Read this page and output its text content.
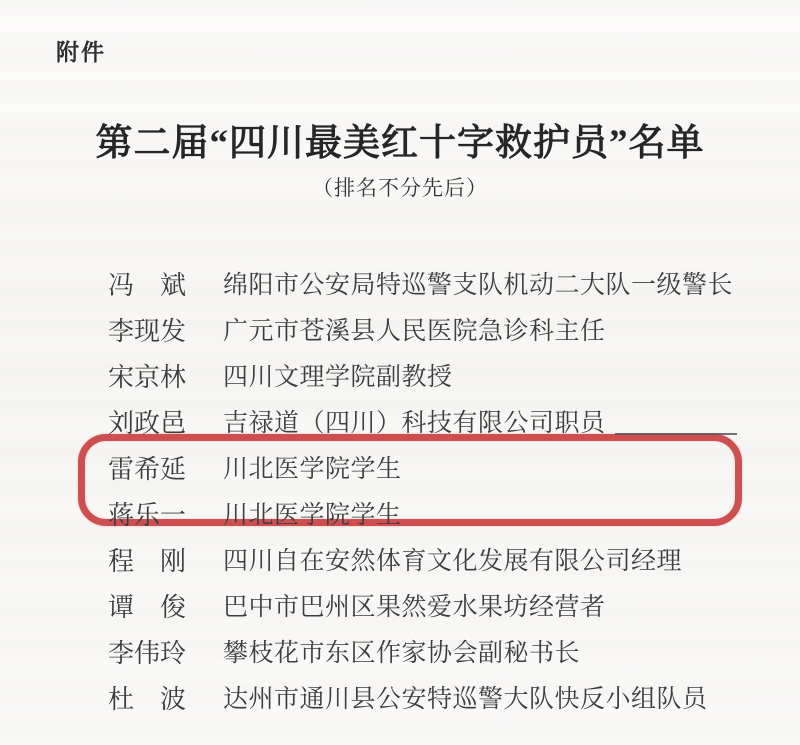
附件
第二届“四川最美红十字救护员”名单
（排名不分先后）
冯　斌	绵阳市公安局特巡警支队机动二大队一级警长
李现发	广元市苍溪县人民医院急诊科主任
宋京林	四川文理学院副教授
刘政邑	吉禄道（四川）科技有限公司职员
雷希延	川北医学院学生
蒋乐一	川北医学院学生
程　刚	四川自在安然体育文化发展有限公司经理
谭　俊	巴中市巴州区果然爱水果坊经营者
李伟玲	攀枝花市东区作家协会副秘书长
杜　波	达州市通川县公安特巡警大队快反小组队员
